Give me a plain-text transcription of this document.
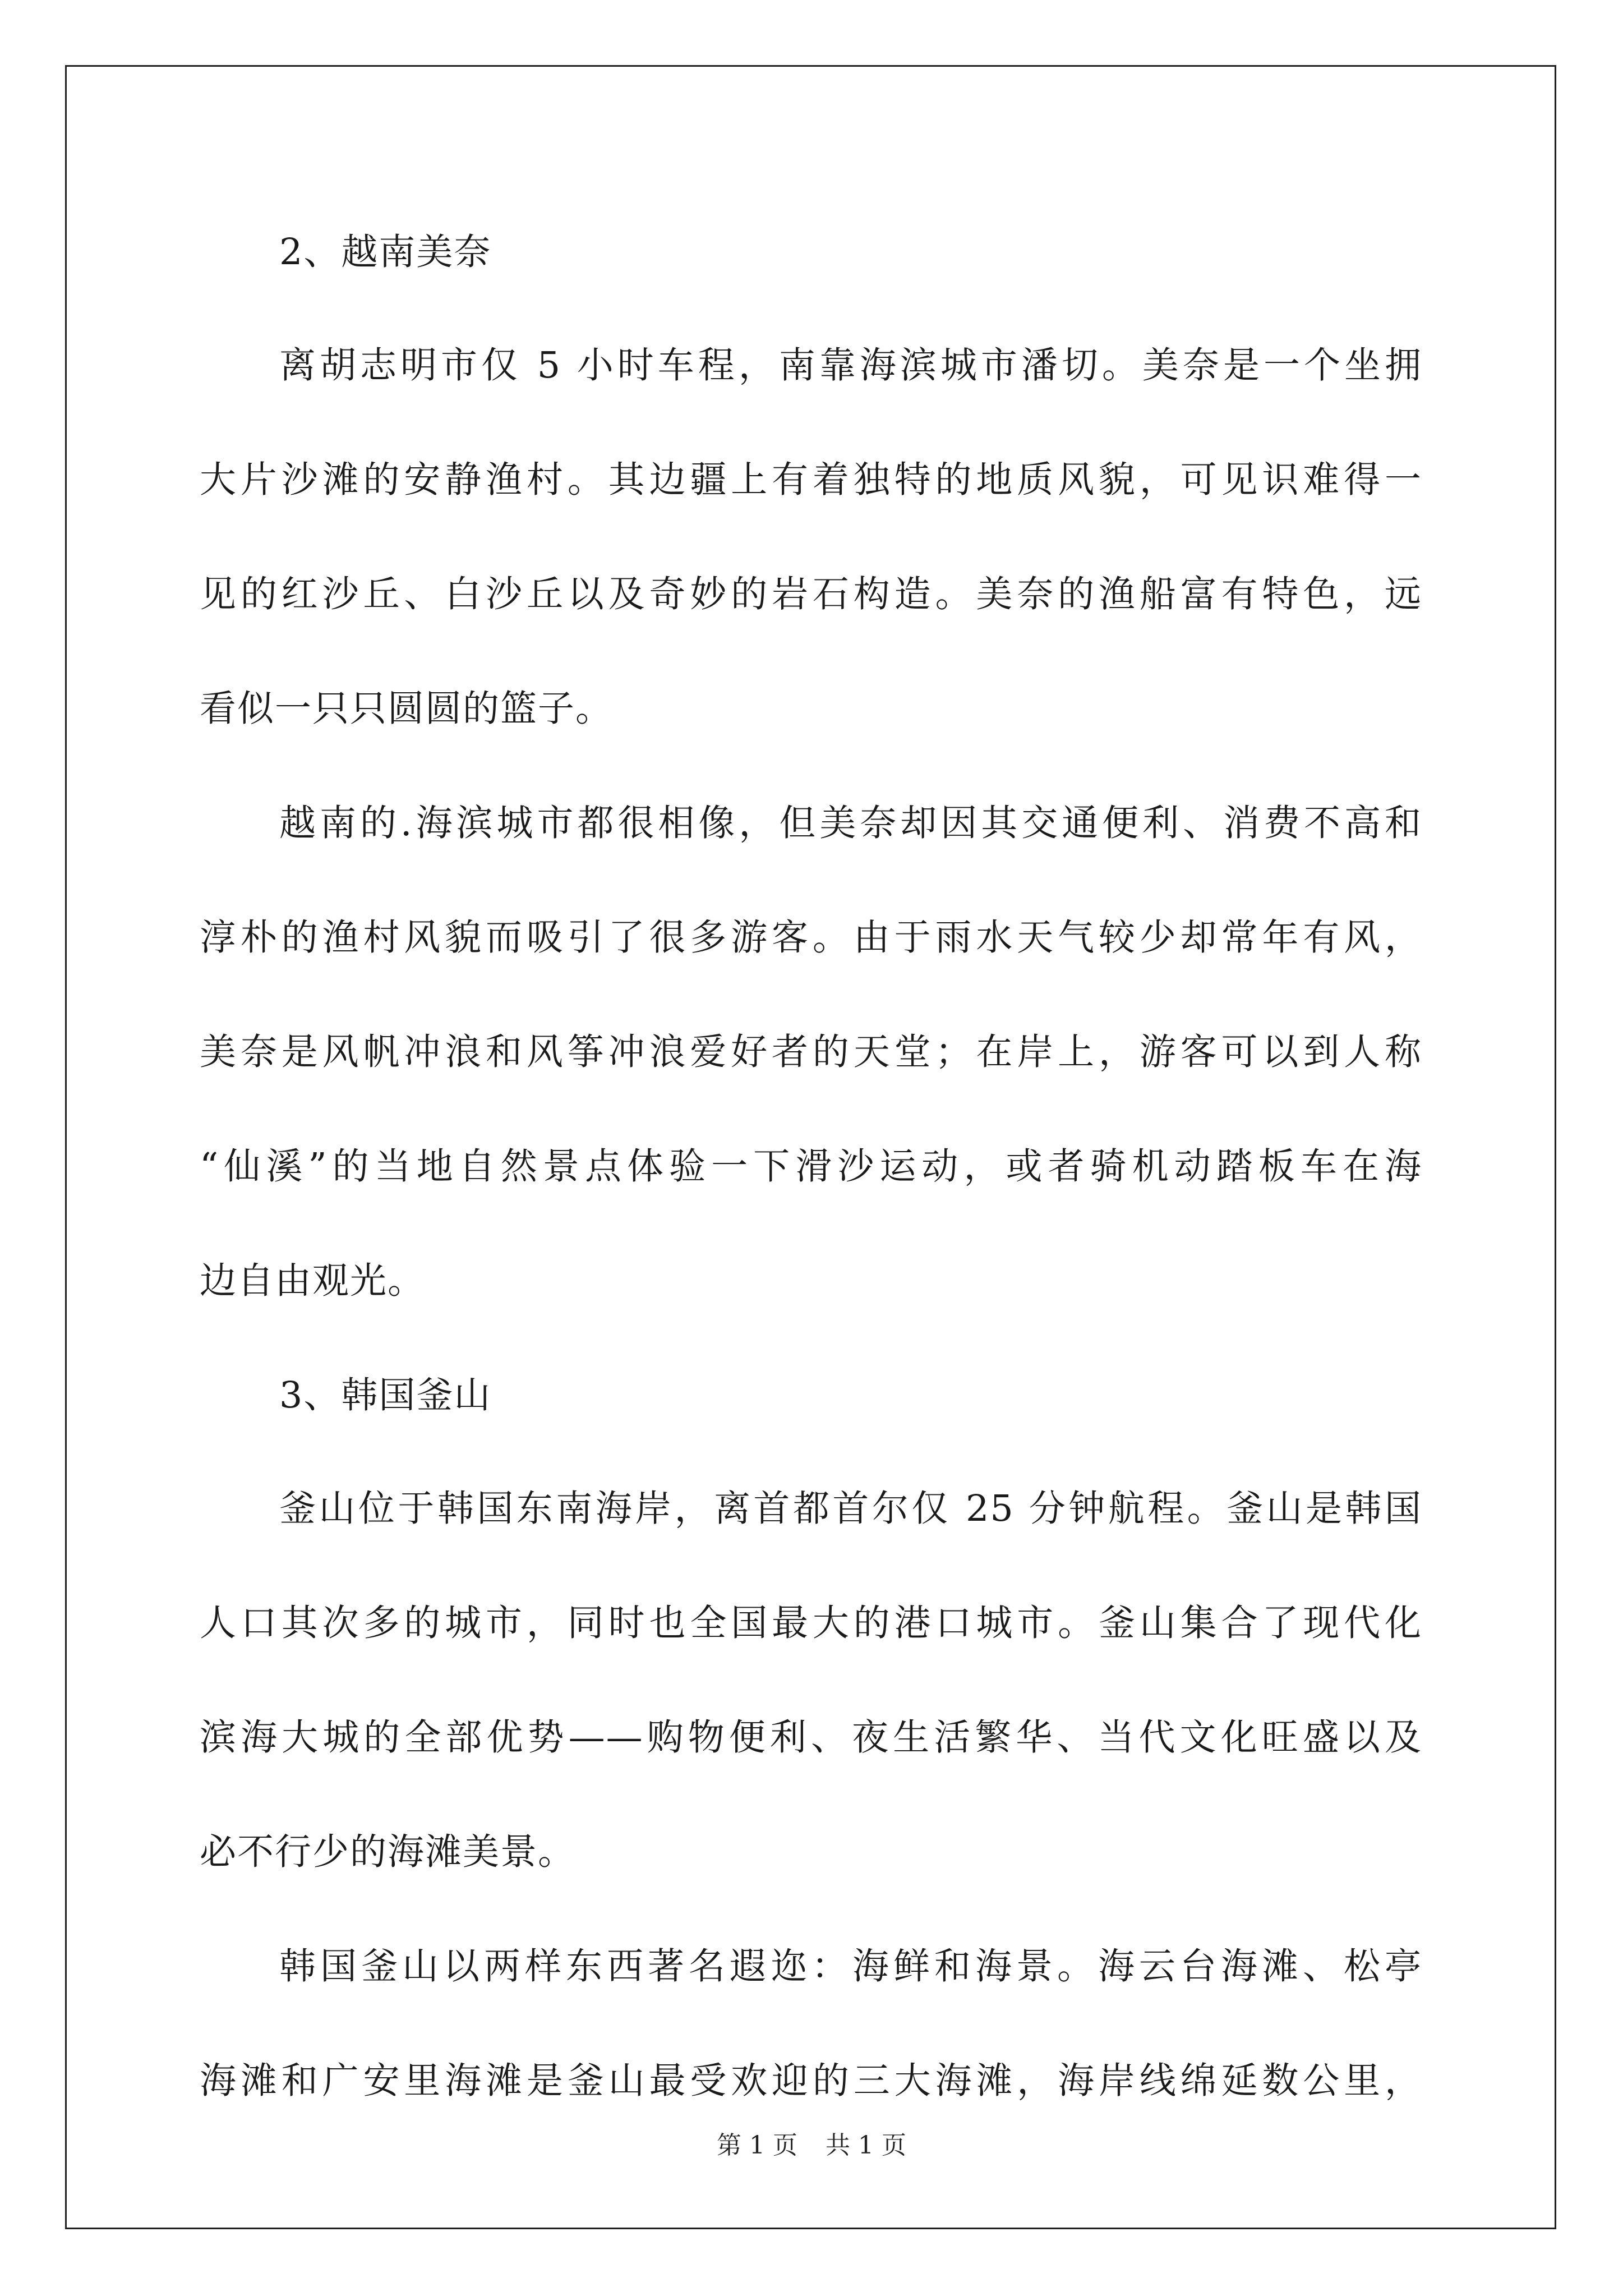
2、越南美奈
离胡志明市仅 5 小时车程，南靠海滨城市潘切。美奈是一个坐拥
大片沙滩的安静渔村。其边疆上有着独特的地质风貌，可见识难得一
见的红沙丘、白沙丘以及奇妙的岩石构造。美奈的渔船富有特色，远
看似一只只圆圆的篮子。
越南的.海滨城市都很相像，但美奈却因其交通便利、消费不高和
淳朴的渔村风貌而吸引了很多游客。由于雨水天气较少却常年有风，
美奈是风帆冲浪和风筝冲浪爱好者的天堂；在岸上，游客可以到人称
“仙溪”的当地自然景点体验一下滑沙运动，或者骑机动踏板车在海
边自由观光。
3、韩国釜山
釜山位于韩国东南海岸，离首都首尔仅 25 分钟航程。釜山是韩国
人口其次多的城市，同时也全国最大的港口城市。釜山集合了现代化
滨海大城的全部优势——购物便利、夜生活繁华、当代文化旺盛以及
必不行少的海滩美景。
韩国釜山以两样东西著名遐迩：海鲜和海景。海云台海滩、松亭
海滩和广安里海滩是釜山最受欢迎的三大海滩，海岸线绵延数公里，
第 1 页 共 1 页
